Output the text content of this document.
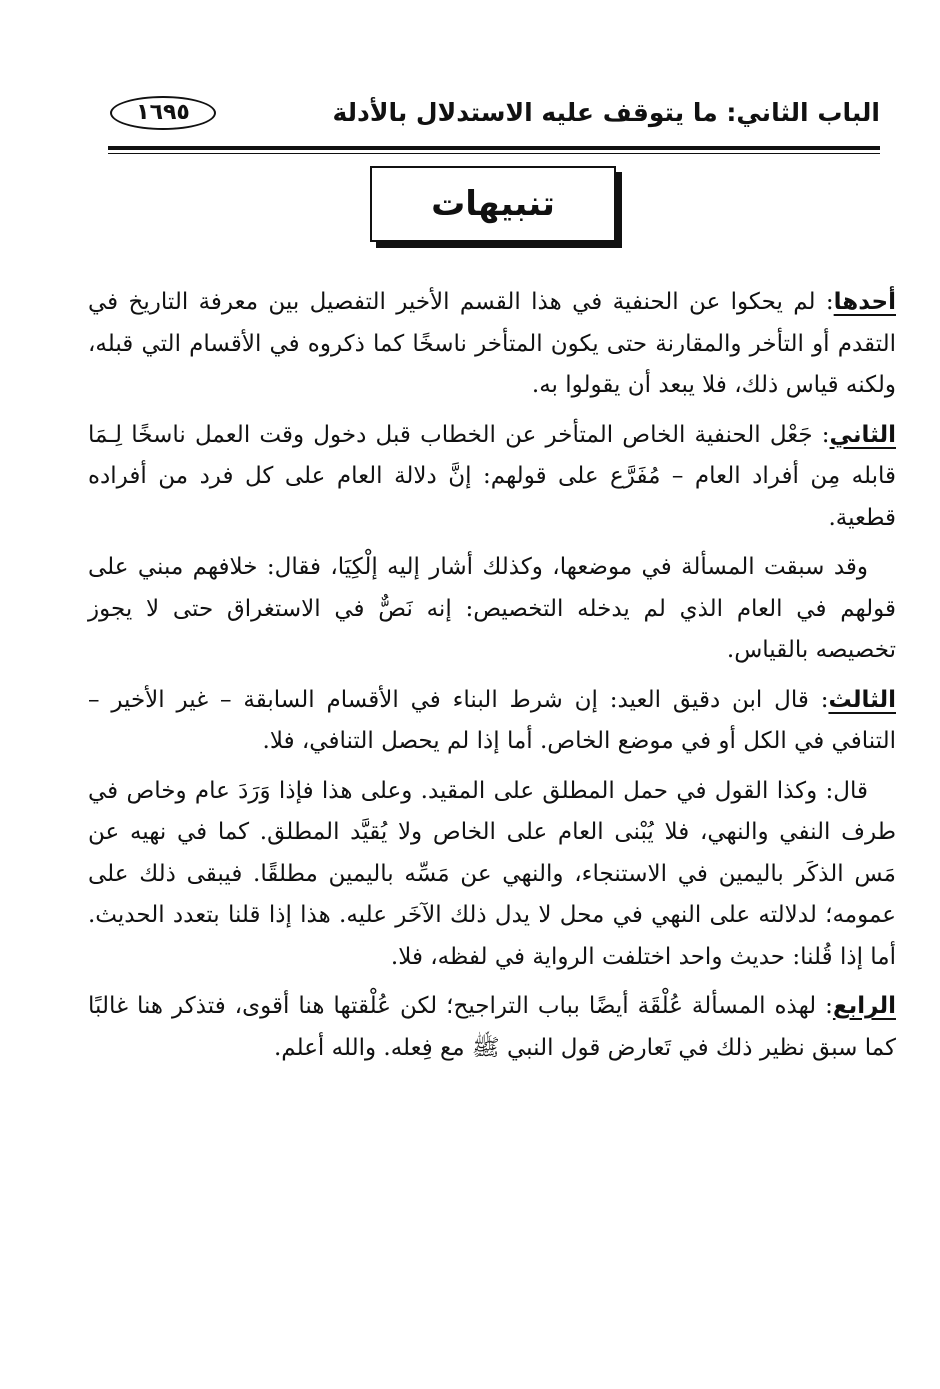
الباب الثاني: ما يتوقف عليه الاستدلال بالأدلة
١٦٩٥
تنبيهات

أحدها: لم يحكوا عن الحنفية في هذا القسم الأخير التفصيل بين معرفة التاريخ في التقدم أو التأخر والمقارنة حتى يكون المتأخر ناسخًا كما ذكروه في الأقسام التي قبله، ولكنه قياس ذلك، فلا يبعد أن يقولوا به.

الثاني: جَعْل الحنفية الخاص المتأخر عن الخطاب قبل دخول وقت العمل ناسخًا لِـمَا قابله مِن أفراد العام – مُفَرَّع على قولهم: إنَّ دلالة العام على كل فرد من أفراده قطعية.

وقد سبقت المسألة في موضعها، وكذلك أشار إليه إلْكِيَا، فقال: خلافهم مبني على قولهم في العام الذي لم يدخله التخصيص: إنه نَصٌّ في الاستغراق حتى لا يجوز تخصيصه بالقياس.

الثالث: قال ابن دقيق العيد: إن شرط البناء في الأقسام السابقة – غير الأخير – التنافي في الكل أو في موضع الخاص. أما إذا لم يحصل التنافي، فلا.

قال: وكذا القول في حمل المطلق على المقيد. وعلى هذا فإذا وَرَدَ عام وخاص في طرف النفي والنهي، فلا يُبْنى العام على الخاص ولا يُقيَّد المطلق. كما في نهيه عن مَس الذكَر باليمين في الاستنجاء، والنهي عن مَسِّه باليمين مطلقًا. فيبقى ذلك على عمومه؛ لدلالته على النهي في محل لا يدل ذلك الآخَر عليه. هذا إذا قلنا بتعدد الحديث. أما إذا قُلنا: حديث واحد اختلفت الرواية في لفظه، فلا.

الرابع: لهذه المسألة عُلْقَة أيضًا بباب التراجيح؛ لكن عُلْقتها هنا أقوى، فتذكر هنا غالبًا كما سبق نظير ذلك في تَعارض قول النبي ﷺ مع فِعله. والله أعلم.
